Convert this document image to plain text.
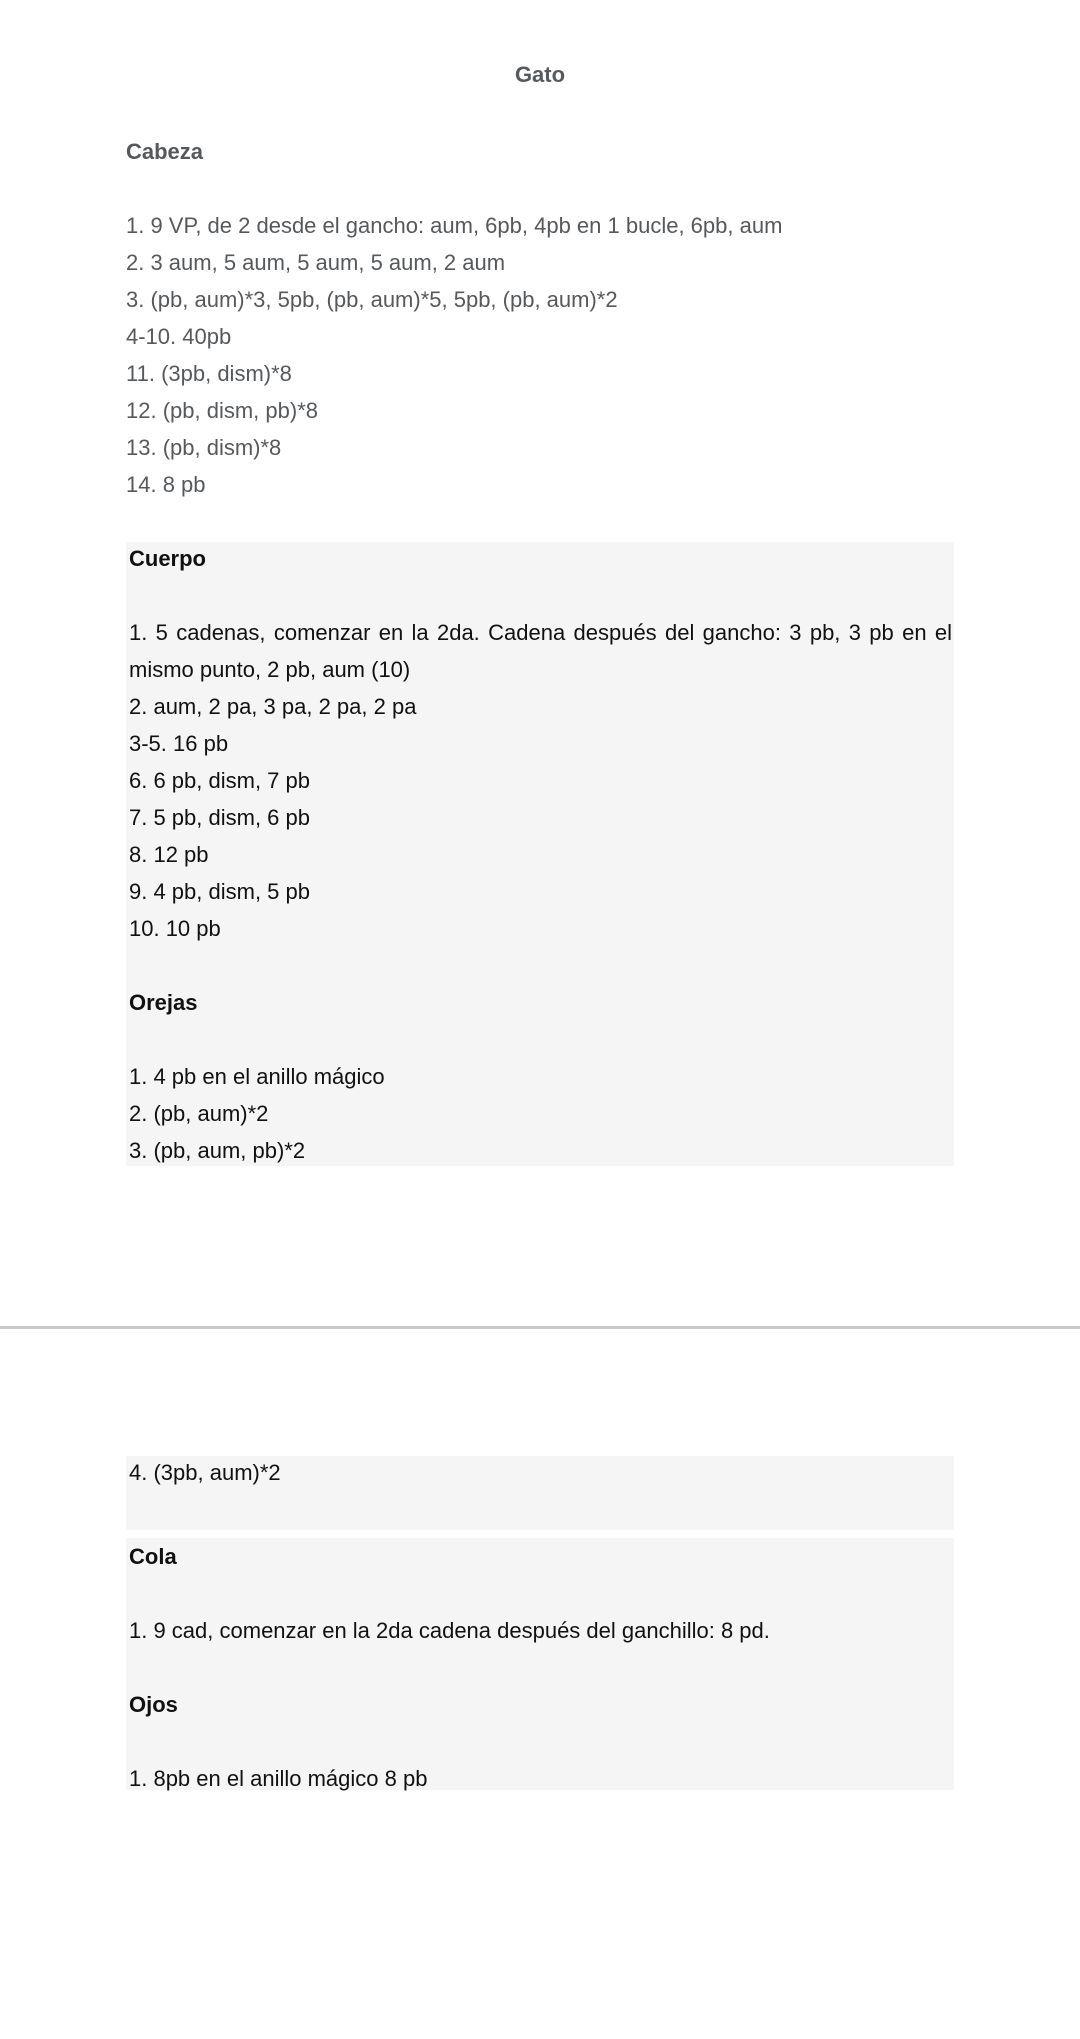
Gato

Cabeza

1. 9 VP, de 2 desde el gancho: aum, 6pb, 4pb en 1 bucle, 6pb, aum

2. 3 aum, 5 aum, 5 aum, 5 aum, 2 aum

3. (pb, aum)*3, 5pb, (pb, aum)*5, 5pb, (pb, aum)*2

4-10. 40pb

11. (3pb, dism)*8

12. (pb, dism, pb)*8

13. (pb, dism)*8

14. 8 pb

Cuerpo

1. 5 cadenas, comenzar en la 2da. Cadena después del gancho: 3 pb, 3 pb en el mismo punto, 2 pb, aum (10)

2. aum, 2 pa, 3 pa, 2 pa, 2 pa

3-5. 16 pb

6. 6 pb, dism, 7 pb

7. 5 pb, dism, 6 pb

8. 12 pb

9. 4 pb, dism, 5 pb

10. 10 pb

Orejas

1. 4 pb en el anillo mágico

2. (pb, aum)*2

3. (pb, aum, pb)*2

4. (3pb, aum)*2

Cola

1. 9 cad, comenzar en la 2da cadena después del ganchillo: 8 pd.

Ojos

1. 8pb en el anillo mágico 8 pb
